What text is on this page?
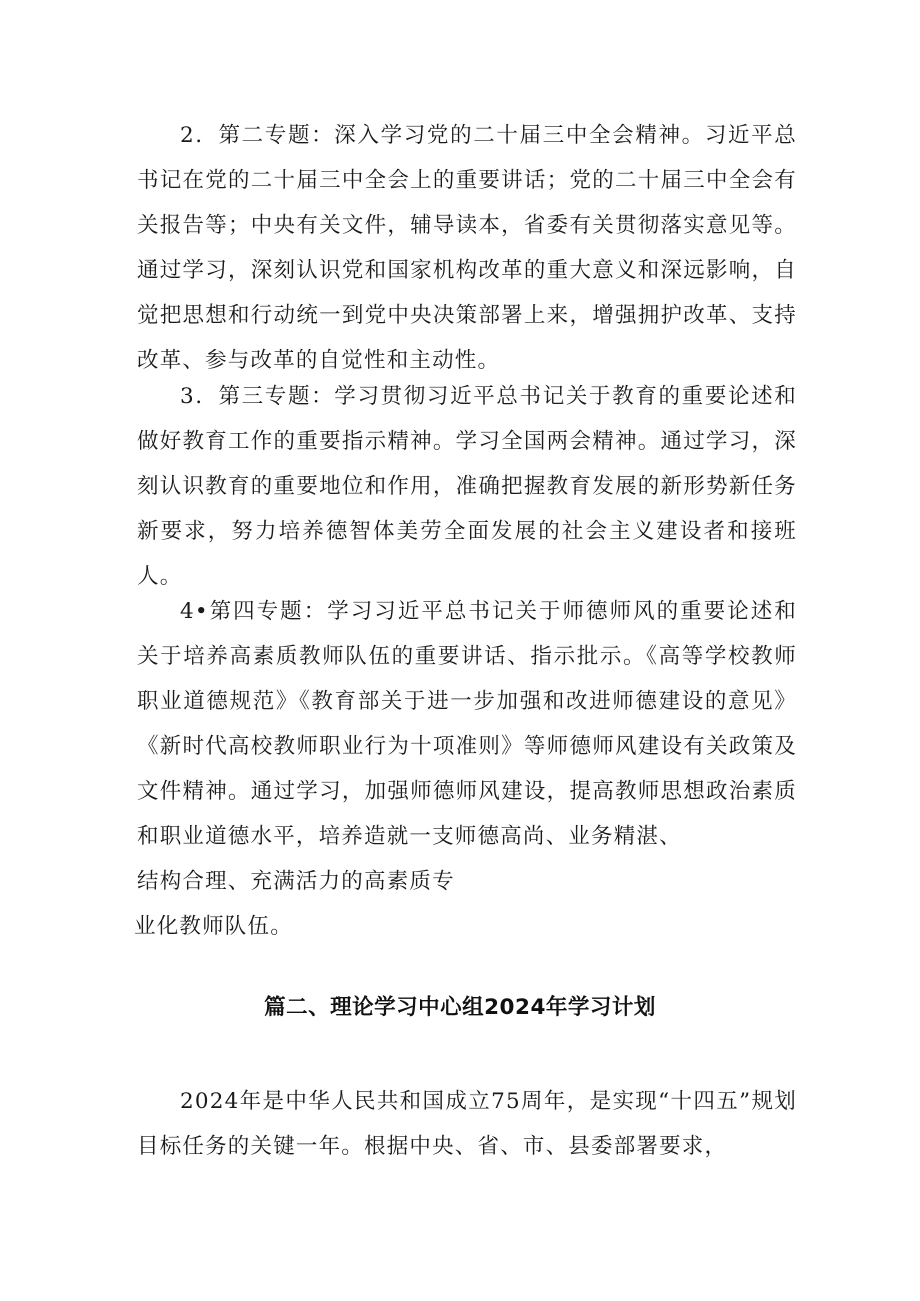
2．第二专题：深入学习党的二十届三中全会精神。习近平总书记在党的二十届三中全会上的重要讲话；党的二十届三中全会有关报告等；中央有关文件，辅导读本，省委有关贯彻落实意见等。通过学习，深刻认识党和国家机构改革的重大意义和深远影响，自觉把思想和行动统一到党中央决策部署上来，增强拥护改革、支持改革、参与改革的自觉性和主动性。

3．第三专题：学习贯彻习近平总书记关于教育的重要论述和做好教育工作的重要指示精神。学习全国两会精神。通过学习，深刻认识教育的重要地位和作用，准确把握教育发展的新形势新任务新要求，努力培养德智体美劳全面发展的社会主义建设者和接班人。

4•第四专题：学习习近平总书记关于师德师风的重要论述和关于培养高素质教师队伍的重要讲话、指示批示。《高等学校教师职业道德规范》《教育部关于进一步加强和改进师德建设的意见》《新时代高校教师职业行为十项准则》等师德师风建设有关政策及文件精神。通过学习，加强师德师风建设，提高教师思想政治素质和职业道德水平，培养造就一支师德高尚、业务精湛、
结构合理、充满活力的高素质专
业化教师队伍。

篇二、理论学习中心组2024年学习计划

2024年是中华人民共和国成立75周年，是实现“十四五”规划目标任务的关键一年。根据中央、省、市、县委部署要求，
